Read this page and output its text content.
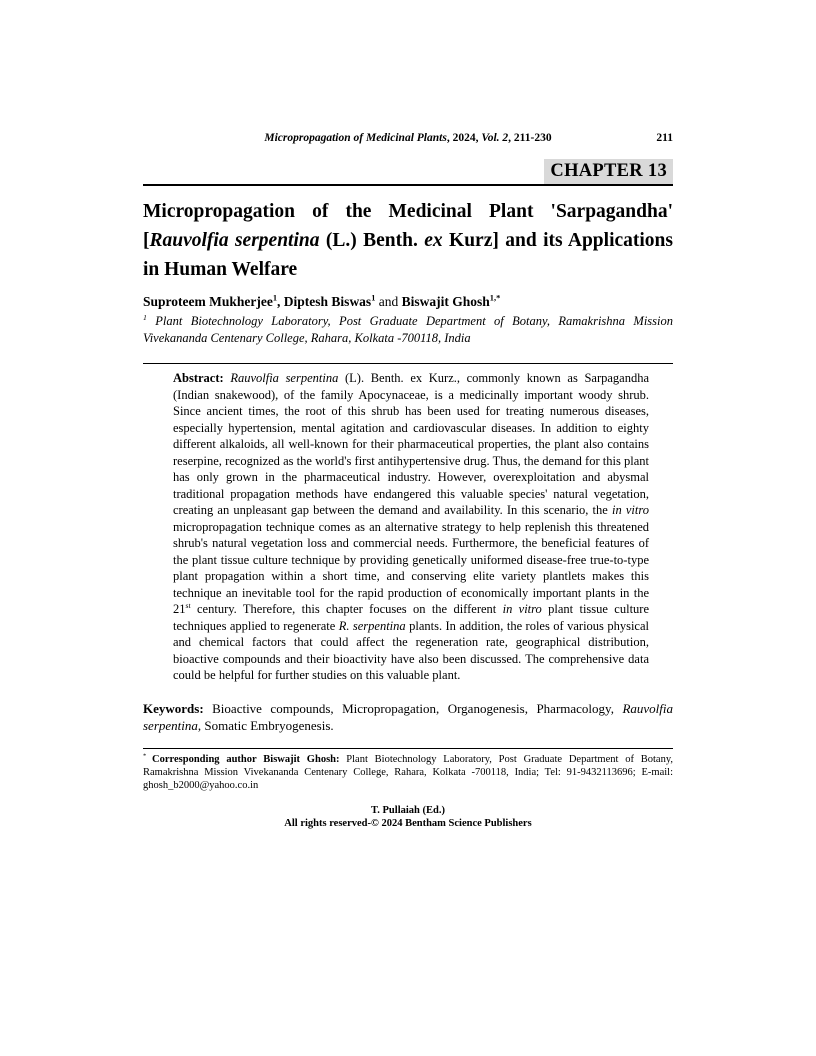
Micropropagation of Medicinal Plants, 2024, Vol. 2, 211-230	211
CHAPTER 13
Micropropagation of the Medicinal Plant 'Sarpagandha' [Rauvolfia serpentina (L.) Benth. ex Kurz] and its Applications in Human Welfare
Suproteem Mukherjee$^1$, Diptesh Biswas$^1$ and Biswajit Ghosh$^{1,*}$
$^1$ Plant Biotechnology Laboratory, Post Graduate Department of Botany, Ramakrishna Mission Vivekananda Centenary College, Rahara, Kolkata -700118, India
Abstract: Rauvolfia serpentina (L). Benth. ex Kurz., commonly known as Sarpagandha (Indian snakewood), of the family Apocynaceae, is a medicinally important woody shrub. Since ancient times, the root of this shrub has been used for treating numerous diseases, especially hypertension, mental agitation and cardiovascular diseases. In addition to eighty different alkaloids, all well-known for their pharmaceutical properties, the plant also contains reserpine, recognized as the world's first antihypertensive drug. Thus, the demand for this plant has only grown in the pharmaceutical industry. However, overexploitation and abysmal traditional propagation methods have endangered this valuable species' natural vegetation, creating an unpleasant gap between the demand and availability. In this scenario, the in vitro micropropagation technique comes as an alternative strategy to help replenish this threatened shrub's natural vegetation loss and commercial needs. Furthermore, the beneficial features of the plant tissue culture technique by providing genetically uniformed disease-free true-to-type plant propagation within a short time, and conserving elite variety plantlets makes this technique an inevitable tool for the rapid production of economically important plants in the 21st century. Therefore, this chapter focuses on the different in vitro plant tissue culture techniques applied to regenerate R. serpentina plants. In addition, the roles of various physical and chemical factors that could affect the regeneration rate, geographical distribution, bioactive compounds and their bioactivity have also been discussed. The comprehensive data could be helpful for further studies on this valuable plant.
Keywords: Bioactive compounds, Micropropagation, Organogenesis, Pharmacology, Rauvolfia serpentina, Somatic Embryogenesis.
* Corresponding author Biswajit Ghosh: Plant Biotechnology Laboratory, Post Graduate Department of Botany, Ramakrishna Mission Vivekananda Centenary College, Rahara, Kolkata -700118, India; Tel: 91-9432113696; E-mail: ghosh_b2000@yahoo.co.in
T. Pullaiah (Ed.)
All rights reserved-© 2024 Bentham Science Publishers
